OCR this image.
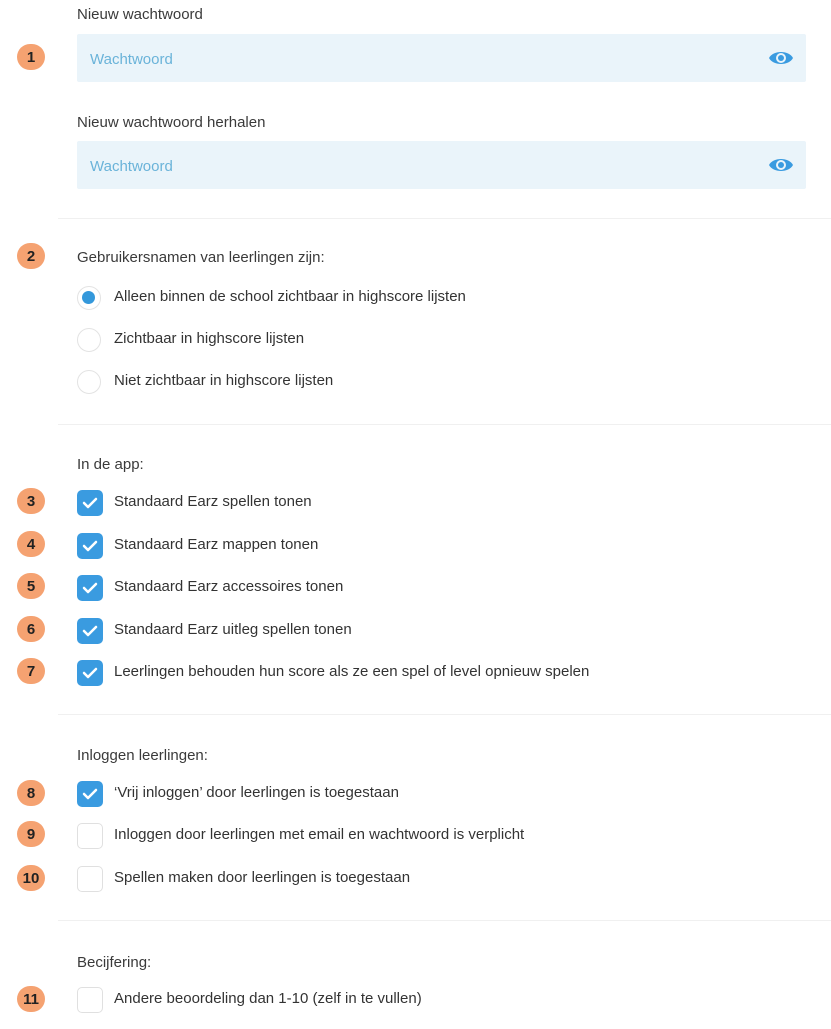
Nieuw wachtwoord
1
Nieuw wachtwoord herhalen
2	Gebruikersnamen van leerlingen zijn:
Alleen binnen de school zichtbaar in highscore lijsten
Zichtbaar in highscore lijsten
Niet zichtbaar in highscore lijsten
In de app:
3	Standaard Earz spellen tonen
4	Standaard Earz mappen tonen
5	Standaard Earz accessoires tonen
6	Standaard Earz uitleg spellen tonen
7	Leerlingen behouden hun score als ze een spel of level opnieuw spelen
Inloggen leerlingen:
8	‘Vrij inloggen’ door leerlingen is toegestaan
9	Inloggen door leerlingen met email en wachtwoord is verplicht
10	Spellen maken door leerlingen is toegestaan
Becijfering:
11	Andere beoordeling dan 1-10 (zelf in te vullen)
